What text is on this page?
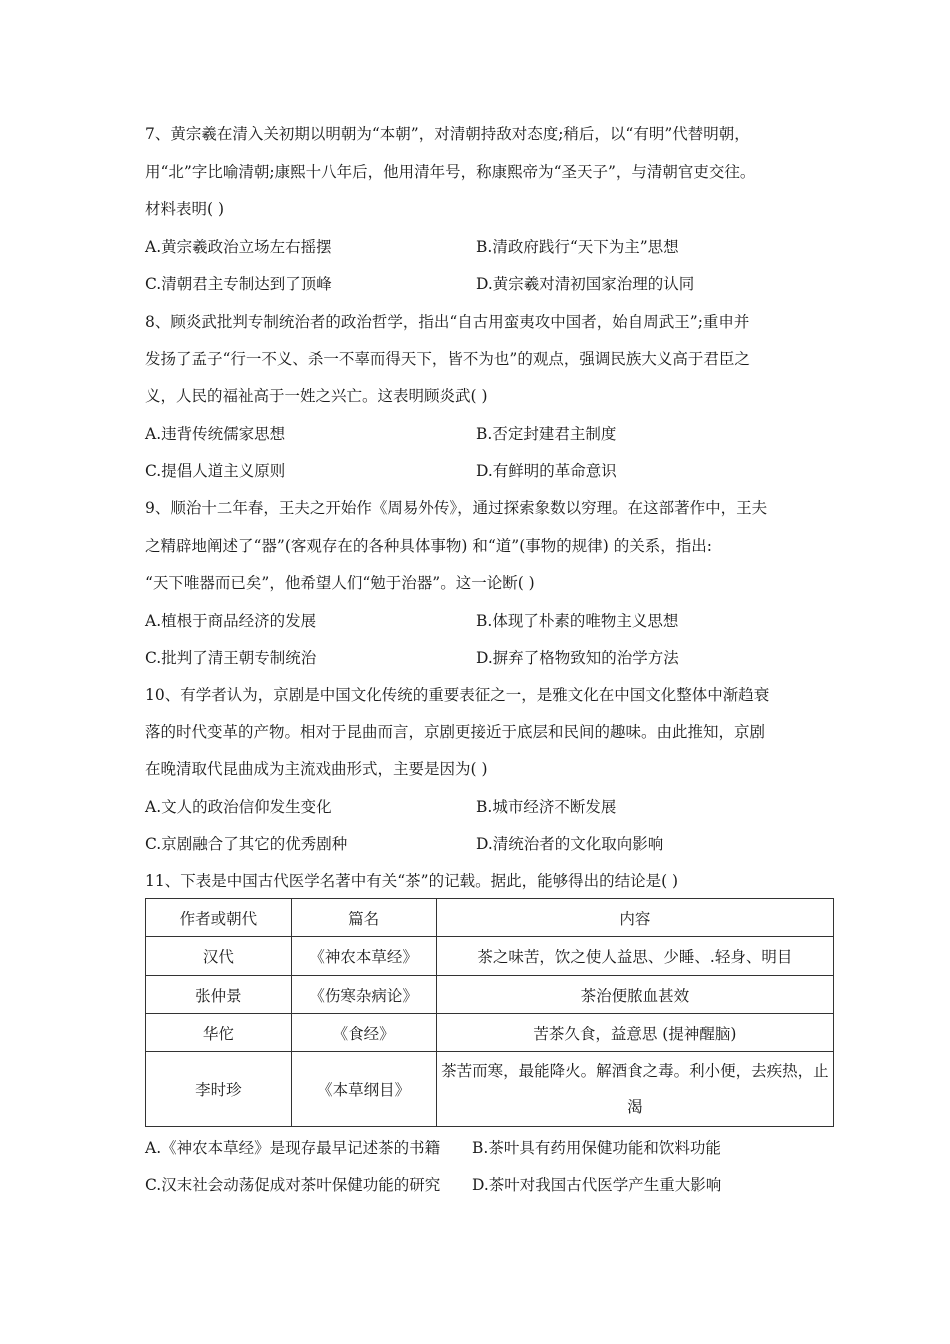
7、黄宗羲在清入关初期以明朝为“本朝”，对清朝持敌对态度;稍后，以“有明”代替明朝，
用“北”字比喻清朝;康熙十八年后，他用清年号，称康熙帝为“圣天子”，与清朝官吏交往。
材料表明( )
A.黄宗羲政治立场左右摇摆	B.清政府践行“天下为主”思想
C.清朝君主专制达到了顶峰	D.黄宗羲对清初国家治理的认同
8、顾炎武批判专制统治者的政治哲学，指出“自古用蛮夷攻中国者，始自周武王”;重申并
发扬了孟子“行一不义、杀一不辜而得天下，皆不为也”的观点，强调民族大义高于君臣之
义，人民的福祉高于一姓之兴亡。这表明顾炎武( )
A.违背传统儒家思想	B.否定封建君主制度
C.提倡人道主义原则	D.有鲜明的革命意识
9、顺治十二年春，王夫之开始作《周易外传》，通过探索象数以穷理。在这部著作中，王夫
之精辟地阐述了“器”(客观存在的各种具体事物) 和“道”(事物的规律) 的关系，指出:
“天下唯器而已矣”，他希望人们“勉于治器”。这一论断( )
A.植根于商品经济的发展	B.体现了朴素的唯物主义思想
C.批判了清王朝专制统治	D.摒弃了格物致知的治学方法
10、有学者认为，京剧是中国文化传统的重要表征之一，是雅文化在中国文化整体中渐趋衰
落的时代变革的产物。相对于昆曲而言，京剧更接近于底层和民间的趣味。由此推知，京剧
在晚清取代昆曲成为主流戏曲形式，主要是因为( )
A.文人的政治信仰发生变化	B.城市经济不断发展
C.京剧融合了其它的优秀剧种	D.清统治者的文化取向影响
11、下表是中国古代医学名著中有关“茶”的记载。据此，能够得出的结论是( )
作者或朝代	篇名	内容
汉代	《神农本草经》	茶之味苦，饮之使人益思、少睡、.轻身、明目
张仲景	《伤寒杂病论》	茶治便脓血甚效
华佗	《食经》	苦茶久食，益意思 (提神醒脑)
李时珍	《本草纲目》	茶苦而寒，最能降火。解酒食之毒。利小便，去疾热，止渴
A.《神农本草经》是现存最早记述茶的书籍 B.茶叶具有药用保健功能和饮料功能
C.汉末社会动荡促成对茶叶保健功能的研究 D.茶叶对我国古代医学产生重大影响
